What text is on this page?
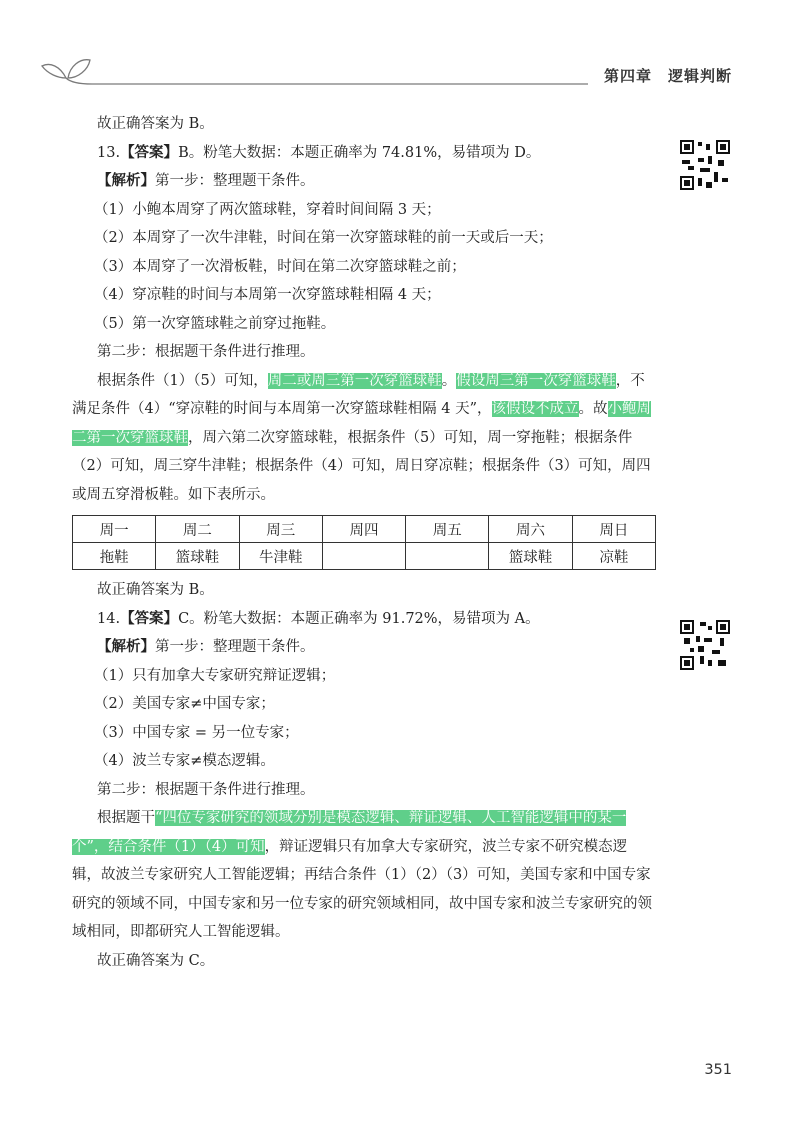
第四章　逻辑判断

故正确答案为 B。

13.【答案】B。粉笔大数据：本题正确率为 74.81%，易错项为 D。

【解析】第一步：整理题干条件。

（1）小鲍本周穿了两次篮球鞋，穿着时间间隔 3 天；

（2）本周穿了一次牛津鞋，时间在第一次穿篮球鞋的前一天或后一天；

（3）本周穿了一次滑板鞋，时间在第二次穿篮球鞋之前；

（4）穿凉鞋的时间与本周第一次穿篮球鞋相隔 4 天；

（5）第一次穿篮球鞋之前穿过拖鞋。

第二步：根据题干条件进行推理。

根据条件（1）（5）可知，周二或周三第一次穿篮球鞋。假设周三第一次穿篮球鞋，不满足条件（4）“穿凉鞋的时间与本周第一次穿篮球鞋相隔 4 天”，该假设不成立。故小鲍周二第一次穿篮球鞋，周六第二次穿篮球鞋，根据条件（5）可知，周一穿拖鞋；根据条件（2）可知，周三穿牛津鞋；根据条件（4）可知，周日穿凉鞋；根据条件（3）可知，周四或周五穿滑板鞋。如下表所示。

周一	周二	周三	周四	周五	周六	周日
拖鞋	篮球鞋	牛津鞋			篮球鞋	凉鞋

故正确答案为 B。

14.【答案】C。粉笔大数据：本题正确率为 91.72%，易错项为 A。

【解析】第一步：整理题干条件。

（1）只有加拿大专家研究辩证逻辑；

（2）美国专家≠中国专家；

（3）中国专家 = 另一位专家；

（4）波兰专家≠模态逻辑。

第二步：根据题干条件进行推理。

根据题干“四位专家研究的领域分别是模态逻辑、辩证逻辑、人工智能逻辑中的某一个”，结合条件（1）（4）可知，辩证逻辑只有加拿大专家研究，波兰专家不研究模态逻辑，故波兰专家研究人工智能逻辑；再结合条件（1）（2）（3）可知，美国专家和中国专家研究的领域不同，中国专家和另一位专家的研究领域相同，故中国专家和波兰专家研究的领域相同，即都研究人工智能逻辑。

故正确答案为 C。

351
